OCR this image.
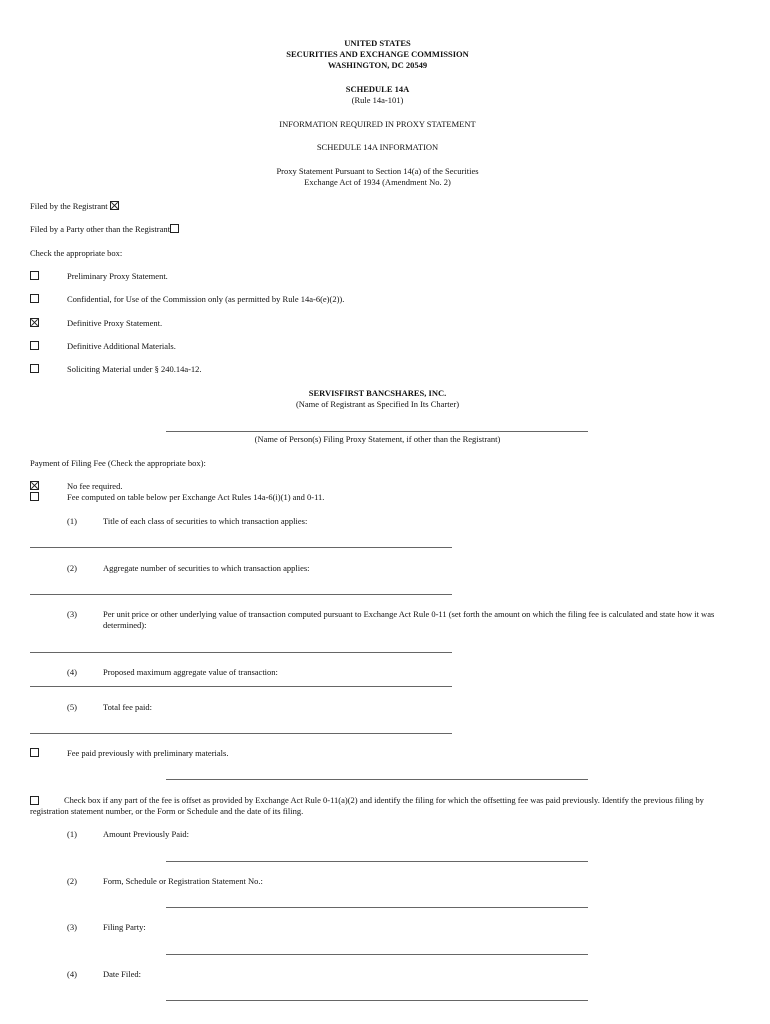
UNITED STATES
SECURITIES AND EXCHANGE COMMISSION
WASHINGTON, DC 20549
SCHEDULE 14A
(Rule 14a-101)
INFORMATION REQUIRED IN PROXY STATEMENT
SCHEDULE 14A INFORMATION
Proxy Statement Pursuant to Section 14(a) of the Securities
Exchange Act of 1934 (Amendment No. 2)
Filed by the Registrant
Filed by a Party other than the Registrant
Check the appropriate box:
Preliminary Proxy Statement.
Confidential, for Use of the Commission only (as permitted by Rule 14a-6(e)(2)).
Definitive Proxy Statement.
Definitive Additional Materials.
Soliciting Material under § 240.14a-12.
SERVISFIRST BANCSHARES, INC.
(Name of Registrant as Specified In Its Charter)
(Name of Person(s) Filing Proxy Statement, if other than the Registrant)
Payment of Filing Fee (Check the appropriate box):
No fee required.
Fee computed on table below per Exchange Act Rules 14a-6(i)(1) and 0-11.
(1)	Title of each class of securities to which transaction applies:
(2)	Aggregate number of securities to which transaction applies:
(3)	Per unit price or other underlying value of transaction computed pursuant to Exchange Act Rule 0-11 (set forth the amount on which the filing fee is calculated and state how it was determined):
(4)	Proposed maximum aggregate value of transaction:
(5)	Total fee paid:
Fee paid previously with preliminary materials.
Check box if any part of the fee is offset as provided by Exchange Act Rule 0-11(a)(2) and identify the filing for which the offsetting fee was paid previously. Identify the previous filing by registration statement number, or the Form or Schedule and the date of its filing.
(1)	Amount Previously Paid:
(2)	Form, Schedule or Registration Statement No.:
(3)	Filing Party:
(4)	Date Filed:
